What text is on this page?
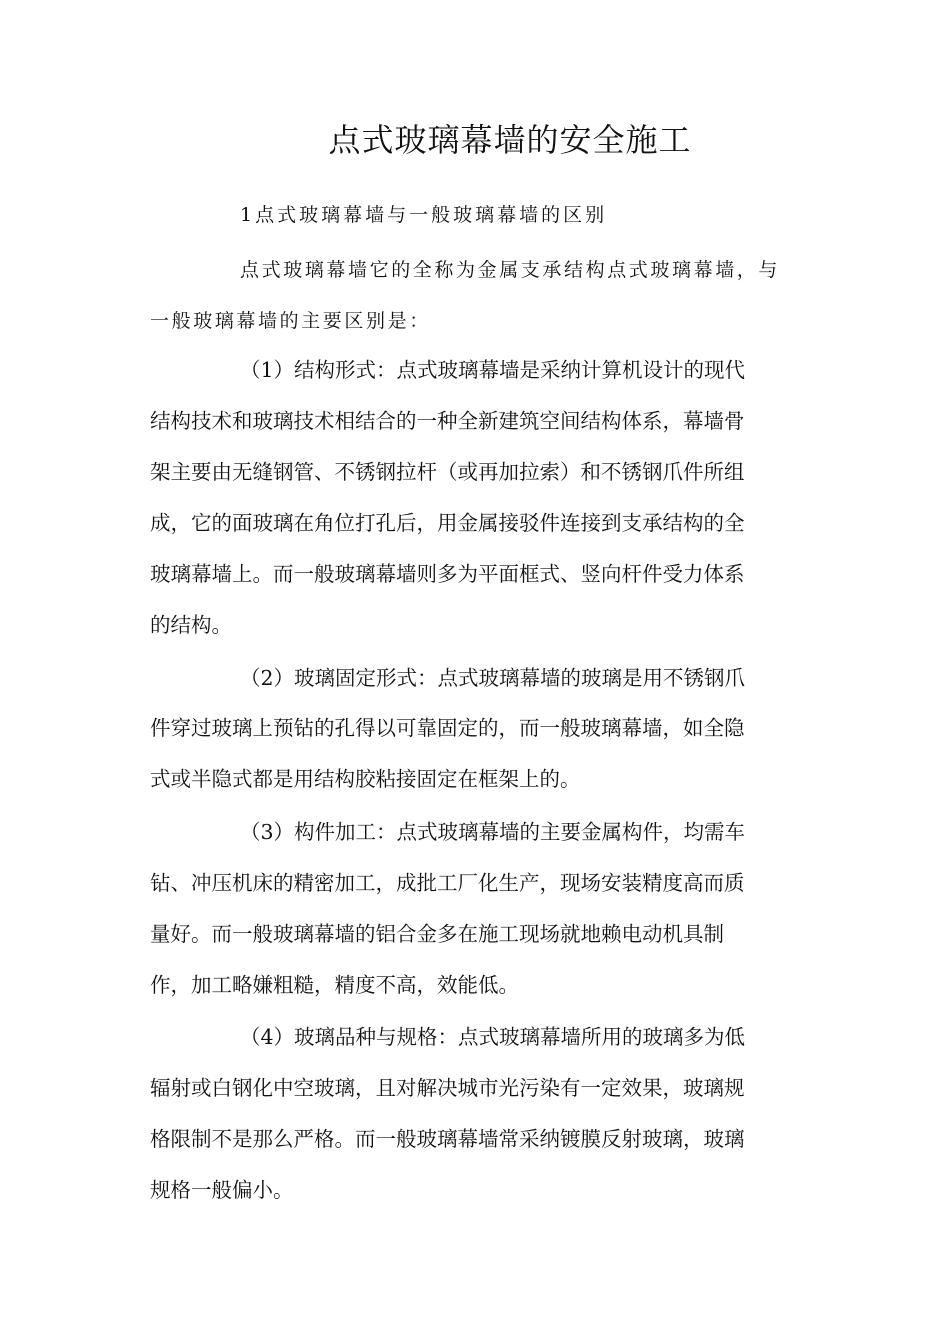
点式玻璃幕墙的安全施工
1点式玻璃幕墙与一般玻璃幕墙的区别
点式玻璃幕墙它的全称为金属支承结构点式玻璃幕墙，与
一般玻璃幕墙的主要区别是：
（1）结构形式：点式玻璃幕墙是采纳计算机设计的现代
结构技术和玻璃技术相结合的一种全新建筑空间结构体系，幕墙骨
架主要由无缝钢管、不锈钢拉杆（或再加拉索）和不锈钢爪件所组
成，它的面玻璃在角位打孔后，用金属接驳件连接到支承结构的全
玻璃幕墙上。而一般玻璃幕墙则多为平面框式、竖向杆件受力体系
的结构。
（2）玻璃固定形式：点式玻璃幕墙的玻璃是用不锈钢爪
件穿过玻璃上预钻的孔得以可靠固定的，而一般玻璃幕墙，如全隐
式或半隐式都是用结构胶粘接固定在框架上的。
（3）构件加工：点式玻璃幕墙的主要金属构件，均需车
钻、冲压机床的精密加工，成批工厂化生产，现场安装精度高而质
量好。而一般玻璃幕墙的铝合金多在施工现场就地赖电动机具制
作，加工略嫌粗糙，精度不高，效能低。
（4）玻璃品种与规格：点式玻璃幕墙所用的玻璃多为低
辐射或白钢化中空玻璃，且对解决城市光污染有一定效果，玻璃规
格限制不是那么严格。而一般玻璃幕墙常采纳镀膜反射玻璃，玻璃
规格一般偏小。
